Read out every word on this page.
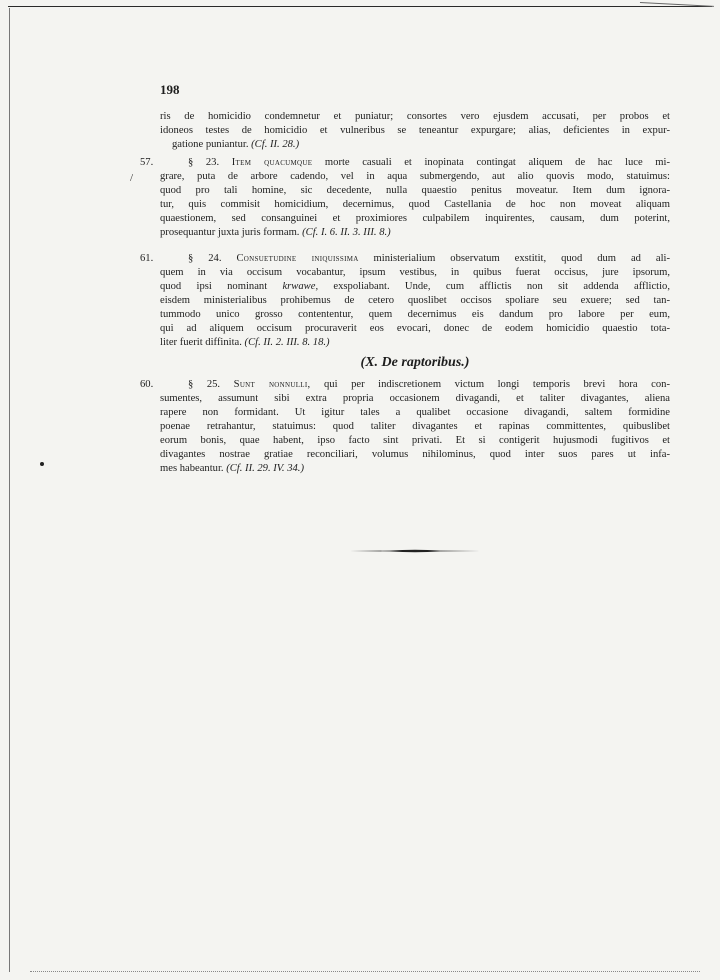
198
ris de homicidio condemnetur et puniatur; consortes vero ejusdem accusati, per probos et
idoneos testes de homicidio et vulneribus se teneantur expurgare; alias, deficientes in expur-
gatione puniantur. (Cf. II. 28.)
57.
/
§ 23. Item quacumque morte casuali et inopinata contingat aliquem de hac luce mi-
grare, puta de arbore cadendo, vel in aqua submergendo, aut alio quovis modo, statuimus:
quod pro tali homine, sic decedente, nulla quaestio penitus moveatur. Item dum ignora-
tur, quis commisit homicidium, decernimus, quod Castellania de hoc non moveat aliquam
quaestionem, sed consanguinei et proximiores culpabilem inquirentes, causam, dum poterint,
prosequantur juxta juris formam. (Cf. I. 6. II. 3. III. 8.)
61.	§ 24. Consuetudine iniquissima ministerialium observatum exstitit, quod dum ad ali-
quem in via occisum vocabantur, ipsum vestibus, in quibus fuerat occisus, jure ipsorum,
quod ipsi nominant krwawe, exspoliabant. Unde, cum afflictis non sit addenda afflictio,
eisdem ministerialibus prohibemus de cetero quoslibet occisos spoliare seu exuere; sed tan-
tummodo unico grosso contententur, quem decernimus eis dandum pro labore per eum,
qui ad aliquem occisum procuraverit eos evocari, donec de eodem homicidio quaestio tota-
liter fuerit diffinita. (Cf. II. 2. III. 8. 18.)
(X. De raptoribus.)
60.	§ 25. Sunt nonnulli, qui per indiscretionem victum longi temporis brevi hora con-
sumentes, assumunt sibi extra propria occasionem divagandi, et taliter divagantes, aliena
rapere non formidant. Ut igitur tales a qualibet occasione divagandi, saltem formidine
poenae retrahantur, statuimus: quod taliter divagantes et rapinas committentes, quibuslibet
eorum bonis, quae habent, ipso facto sint privati. Et si contigerit hujusmodi fugitivos et
divagantes nostrae gratiae reconciliari, volumus nihilominus, quod inter suos pares ut infa-
mes habeantur. (Cf. II. 29. IV. 34.)
